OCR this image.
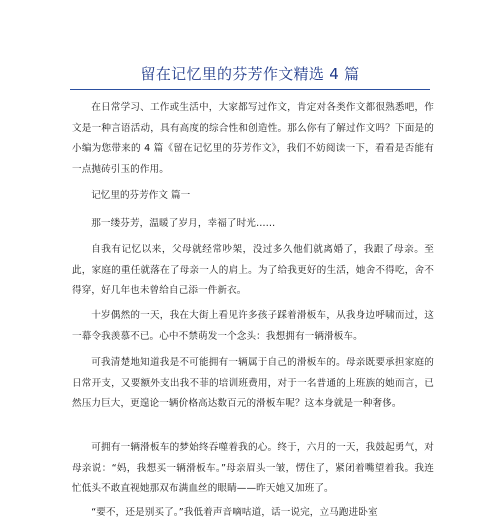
留在记忆里的芬芳作文精选 4 篇

在日常学习、工作或生活中，大家都写过作文，肯定对各类作文都很熟悉吧，作文是一种言语活动，具有高度的综合性和创造性。那么你有了解过作文吗？下面是的小编为您带来的 4 篇《留在记忆里的芬芳作文》，我们不妨阅读一下，看看是否能有一点抛砖引玉的作用。

记忆里的芬芳作文 篇一

那一缕芬芳，温暖了岁月，幸福了时光……

自我有记忆以来，父母就经常吵架，没过多久他们就离婚了，我跟了母亲。至此，家庭的重任就落在了母亲一人的肩上。为了给我更好的生活，她舍不得吃，舍不得穿，好几年也未曾给自己添一件新衣。

十岁偶然的一天，我在大街上看见许多孩子踩着滑板车，从我身边呼啸而过，这一幕令我羡慕不已。心中不禁萌发一个念头：我想拥有一辆滑板车。

可我清楚地知道我是不可能拥有一辆属于自己的滑板车的。母亲既要承担家庭的日常开支，又要额外支出我不菲的培训班费用，对于一名普通的上班族的她而言，已然压力巨大，更遑论一辆价格高达数百元的滑板车呢？这本身就是一种奢侈。

可拥有一辆滑板车的梦始终吞噬着我的心。终于，六月的一天，我鼓起勇气，对母亲说：“妈，我想买一辆滑板车。”母亲眉头一皱，愣住了，紧闭着嘴望着我。我连忙低头不敢直视她那双布满血丝的眼睛——昨天她又加班了。

“要不，还是别买了。”我低着声音嘀咕道，话一说完，立马跑进卧室
